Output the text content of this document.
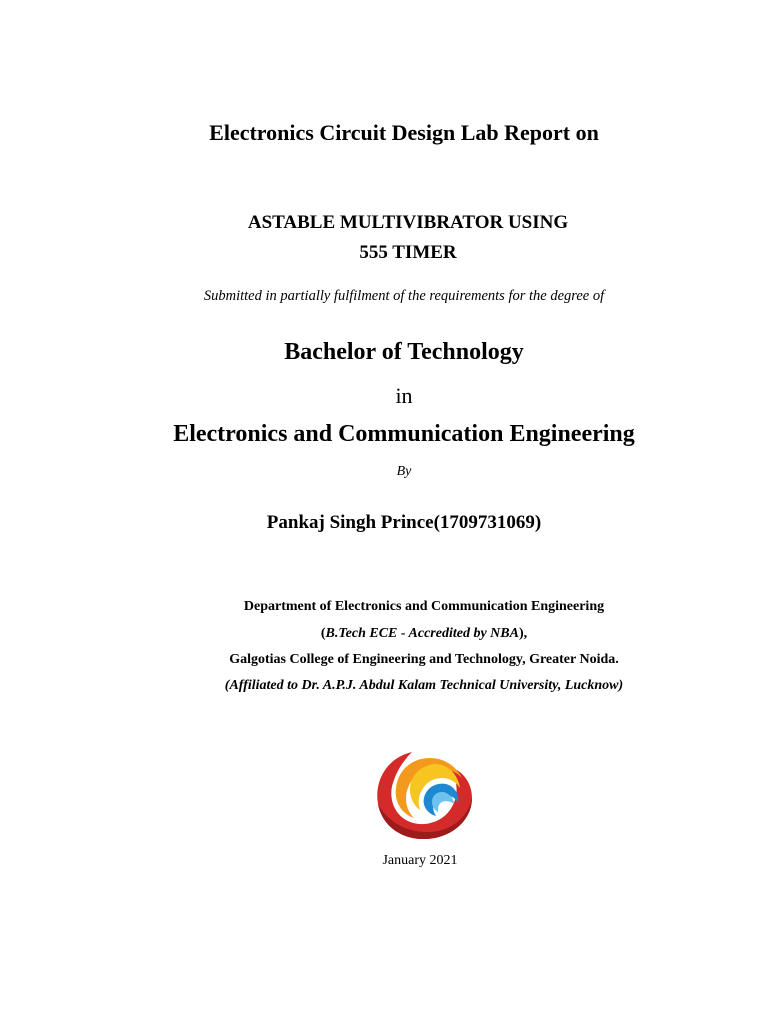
Electronics Circuit Design Lab Report on
ASTABLE MULTIVIBRATOR USING
555 TIMER
Submitted in partially fulfilment of the requirements for the degree of
Bachelor of Technology
in
Electronics and Communication Engineering
By
Pankaj Singh Prince(1709731069)
Department of Electronics and Communication Engineering
(B.Tech ECE - Accredited by NBA),
Galgotias College of Engineering and Technology, Greater Noida.
(Affiliated to Dr. A.P.J. Abdul Kalam Technical University, Lucknow)
January 2021
